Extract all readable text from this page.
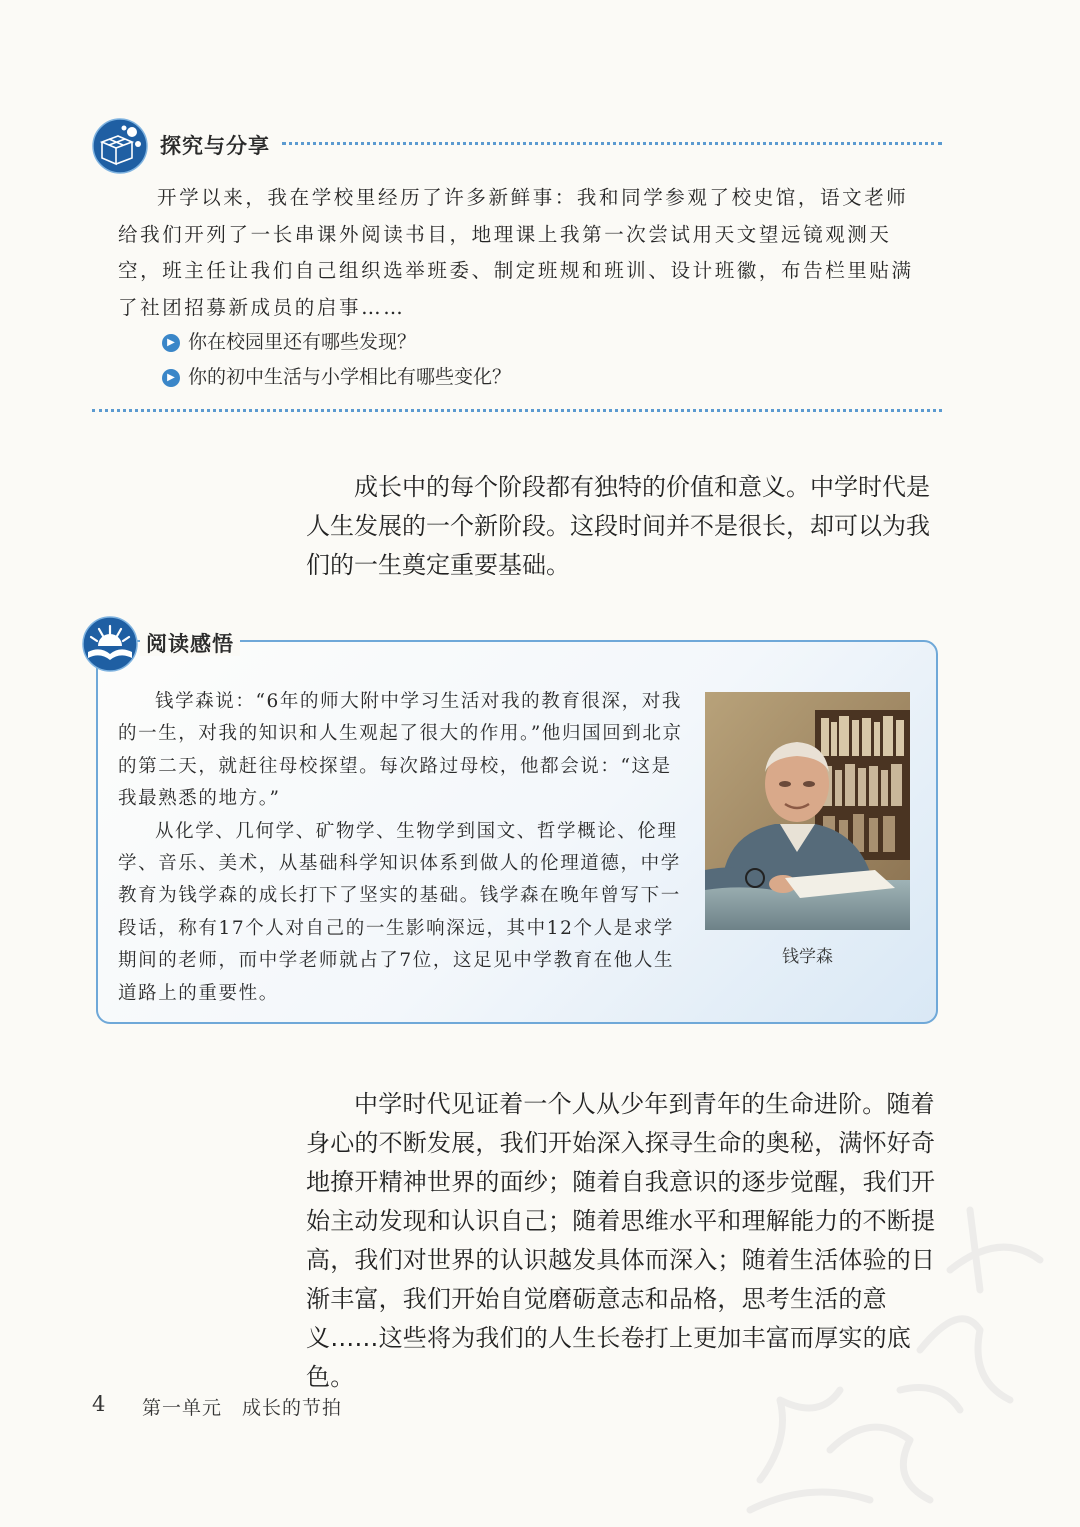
探究与分享

开学以来，我在学校里经历了许多新鲜事：我和同学参观了校史馆，语文老师给我们开列了一长串课外阅读书目，地理课上我第一次尝试用天文望远镜观测天空，班主任让我们自己组织选举班委、制定班规和班训、设计班徽，布告栏里贴满了社团招募新成员的启事……

▶ 你在校园里还有哪些发现？
▶ 你的初中生活与小学相比有哪些变化？

成长中的每个阶段都有独特的价值和意义。中学时代是人生发展的一个新阶段。这段时间并不是很长，却可以为我们的一生奠定重要基础。

阅读感悟

钱学森说：“6年的师大附中学习生活对我的教育很深，对我的一生，对我的知识和人生观起了很大的作用。”他归国回到北京的第二天，就赶往母校探望。每次路过母校，他都会说：“这是我最熟悉的地方。”

从化学、几何学、矿物学、生物学到国文、哲学概论、伦理学、音乐、美术，从基础科学知识体系到做人的伦理道德，中学教育为钱学森的成长打下了坚实的基础。钱学森在晚年曾写下一段话，称有17个人对自己的一生影响深远，其中12个人是求学期间的老师，而中学老师就占了7位，这足见中学教育在他人生道路上的重要性。

钱学森

中学时代见证着一个人从少年到青年的生命进阶。随着身心的不断发展，我们开始深入探寻生命的奥秘，满怀好奇地撩开精神世界的面纱；随着自我意识的逐步觉醒，我们开始主动发现和认识自己；随着思维水平和理解能力的不断提高，我们对世界的认识越发具体而深入；随着生活体验的日渐丰富，我们开始自觉磨砺意志和品格，思考生活的意义……这些将为我们的人生长卷打上更加丰富而厚实的底色。

4 第一单元　成长的节拍
